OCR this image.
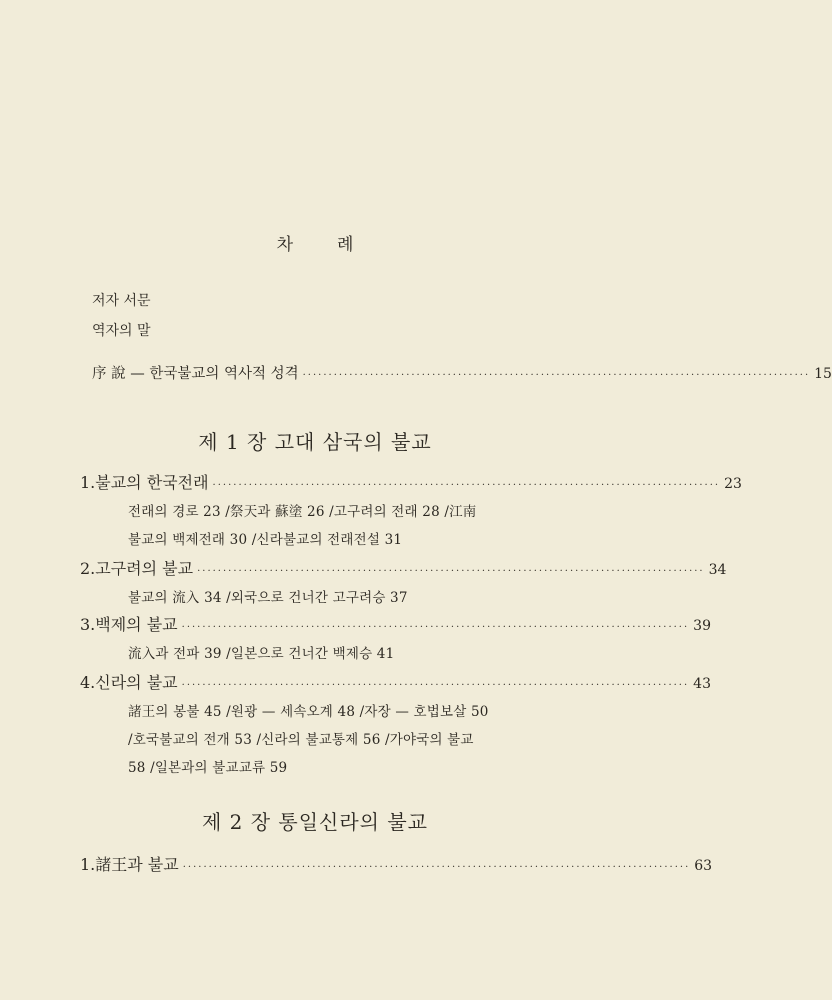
차	례
저자 서문
역자의 말
序 說 — 한국불교의 역사적 성격 ·································································································· 15
제 1 장 고대 삼국의 불교
1. 불교의 한국전래 ·································································································· 23
전래의 경로 23 /祭天과 蘇塗 26 /고구려의 전래 28 /江南
불교의 백제전래 30 /신라불교의 전래전설 31
2. 고구려의 불교 ·································································································· 34
불교의 流入 34 /외국으로 건너간 고구려승 37
3. 백제의 불교 ·································································································· 39
流入과 전파 39 /일본으로 건너간 백제승 41
4. 신라의 불교 ·································································································· 43
諸王의 봉불 45 /원광 — 세속오계 48 /자장 — 호법보살 50
/호국불교의 전개 53 /신라의 불교통제 56 /가야국의 불교
58 /일본과의 불교교류 59
제 2 장 통일신라의 불교
1. 諸王과 불교 ·································································································· 63
